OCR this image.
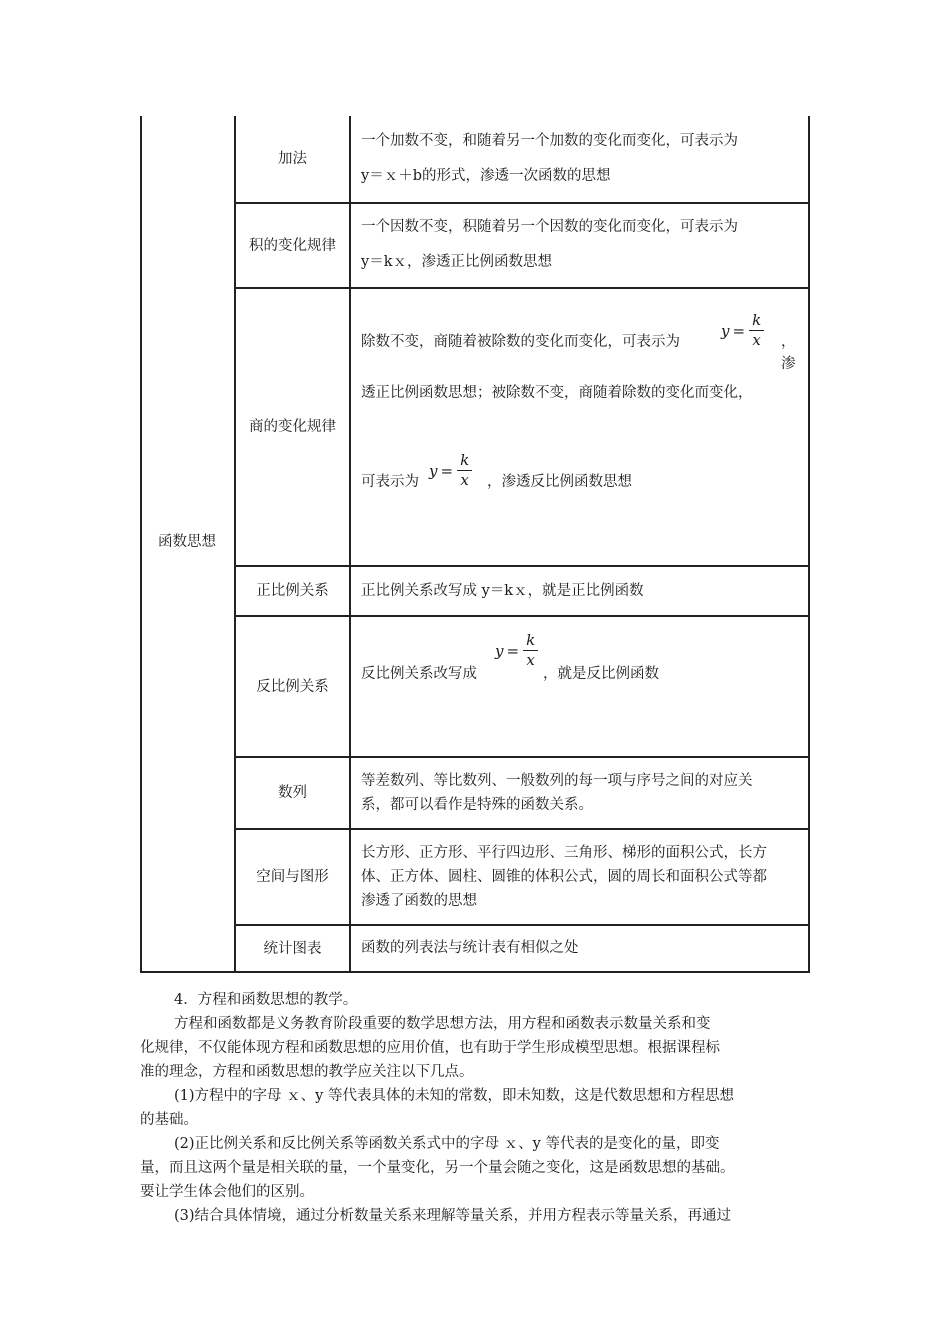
函数思想
加法
一个加数不变，和随着另一个加数的变化而变化，可表示为
y＝ｘ＋b的形式，渗透一次函数的思想
积的变化规律
一个因数不变，积随着另一个因数的变化而变化，可表示为
y＝kｘ，渗透正比例函数思想
商的变化规律
除数不变，商随着被除数的变化而变化，可表示为
$y = \frac{k}{x}$ ，渗
透正比例函数思想；被除数不变，商随着除数的变化而变化，
可表示为
$y = \frac{k}{x}$ ，渗透反比例函数思想
正比例关系	正比例关系改写成 y＝kｘ，就是正比例函数
反比例关系
反比例关系改写成
$y = \frac{k}{x}$
，就是反比例函数
数列
等差数列、等比数列、一般数列的每一项与序号之间的对应关
系，都可以看作是特殊的函数关系。
空间与图形
长方形、正方形、平行四边形、三角形、梯形的面积公式，长方
体、正方体、圆柱、圆锥的体积公式，圆的周长和面积公式等都
渗透了函数的思想
统计图表	函数的列表法与统计表有相似之处
4．方程和函数思想的教学。
方程和函数都是义务教育阶段重要的数学思想方法，用方程和函数表示数量关系和变
化规律，不仅能体现方程和函数思想的应用价值，也有助于学生形成模型思想。根据课程标
准的理念，方程和函数思想的教学应关注以下几点。
(1)方程中的字母 ｘ、y 等代表具体的未知的常数，即未知数，这是代数思想和方程思想
的基础。
(2)正比例关系和反比例关系等函数关系式中的字母 ｘ、y 等代表的是变化的量，即变
量，而且这两个量是相关联的量，一个量变化，另一个量会随之变化，这是函数思想的基础。
要让学生体会他们的区别。
(3)结合具体情境，通过分析数量关系来理解等量关系，并用方程表示等量关系，再通过
